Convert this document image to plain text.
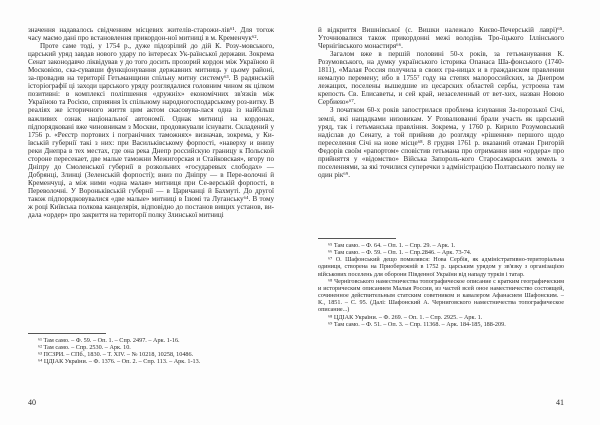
значення надавалось свідченням місцевих жителів-старожи-лів⁶¹. Для тогож часу маємо дані про встановлення прикордон-ної митниці в м. Кременчук⁶².

Проте саме тоді, у 1754 р., дуже підозрілий до дій К. Розу-мовського, царський уряд завдав нового удару по інтересах Ук-раїнської держави. Зокрема Сенат законодавчо ліквідував у до того досить прозорий кордон між Україною й Московією, ска-сувавши функціонування державних митниць у цьому районі, за-провадив на території Гетьманщини спільну митну систему⁶³. В радянській історіографії ці заходи царського уряду розглядалися головним чином як цілком позитивні: в комплексі поліпшення «дружніх» економічних зв'язків між Україною та Росією, сприяння їх спільному народногосподарському роз-витку. В реаліях же історичного життя цим актом скасовува-лася одна із найбільш важливих ознак національної автономії. Однак митниці на кордонах, підпорядковані вже чиновникам з Москви, продовжували існувати. Складений у 1756 р. «Реєстр портових і погранічних таможнях» визначав, зокрема, у Ки-ївській губернії такі з них: при Васильківському форпості, «наверху и внизу реки Днепра в тех местах, где она река Днепр российскую границу к Польской стороне пересекает, две малые таможни Межигорская и Стайковская», вгору по Дніпру до Смоленської губернії в розкольних «государевых слободах» — Добрянці, Злинці (Зеленській форпості); вниз по Дніпру — в Пере-волочні й Кременчуці, а між ними «одна малая» митниця при Се-верській форпості, в Переволочні. У Вороньківській губернії — в Царичанці й Бахмуті. До другої також підпорядковувалися «две малые» митниці в Ізюмі та Луганську⁶⁴. В тому ж році Київська полкова канцелярія, відповідно до постанов вищих установ, ви-дала «ордер» про закриття на території полку Злинської митниці

⁶¹ Там само. – Ф. 59. – Оп. 1. – Спр. 2497. – Арк. 1-16.

⁶² Там само. – Спр. 2530. – Арк. 10.

⁶³ ПСЗРИ. – СПб., 1830. – Т. XIV. – № 10218, 10258, 10486.

⁶⁴ ЦДІАК України. – Ф. 1376. – Оп. 2. – Спр. 113. – Арк. 1-13.

40

й відкриття Вишнівської (с. Вишки належало Києво-Печерській лаврі)⁶⁵. Уточнювалися також прикордонні межі володінь Тро-їцького Іллінського Чернігівського монастиря⁶⁶.

Загалом вже в першій половині 50-х років, за гетьманування К. Розумовського, на думку українського історика Опанаса Ша-фонського (1740-1811), «Малая Россия получила в своих гра-ницах и в гражданском правлении немалую перемену; ибо в 1755⁷ году на степях малороссийских, за Днепром лежащих, поселены вышедшие из цесарских областей сербы, устроена там крепость Св. Елисаветы, и сей край, незаселенный от вет-хих, назван Новою Сербиею»⁶⁷.

З початком 60-х років запострилася проблема існування За-порозької Січі, землі, які нащадками низовикам. У Розвалюванні брали участь як царський уряд, так і гетьманська правління. Зокрема, у 1760 р. Кирило Розумовський надіслав до Сенату, а той прийняв до розгляду «рішення» першого щодо переселення Січі на нове місце⁶⁸. 8 грудня 1761 р. вказаний отаман Григорій Федорів своїм «рапортом» сповістив гетьмана про отримання ним «ордера» про прийняття у «відомство» Війська Запороль-кого Старосамарських земель з поселеннями, за які точилися суперечки з адміністрацією Полтавського полку не один рік⁶⁹.

⁶⁵ Там само. – Ф. 64. – Оп. 1. – Спр. 29. – Арк. 1.

⁶⁶ Там само. – Ф. 59. – Оп. 1. – Спр.2846. – Арк. 73-74.

⁶⁷ О. Шафонський дещо помилявся: Нова Сербія, як адміністративно-територіальна одиниця, створена на Приобережній в 1752 р. царським урядом у зв'язку з організацією військових поселень для оборони Південної України від нападу турків і татар.

⁶⁸ Черніговського наместничества топографическое описание с кратким географическим и историческим описанием Малыя России, из частей всей оное наместничество состоящей, сочиненное действительным статским советником и кавалером Афанасием Шафонским. – К., 1851. – С. 95. (Далі: Шафонский А. Черниговского наместничества топографическое описание...)

⁶⁸ ЦДІАК України. – Ф. 269. – Оп. 1. – Спр. 2925. – Арк. 1.

⁶⁹ Там само. – Ф. 51. – Оп. 3. – Спр. 11368. – Арк. 184-185, 188-209.

41
